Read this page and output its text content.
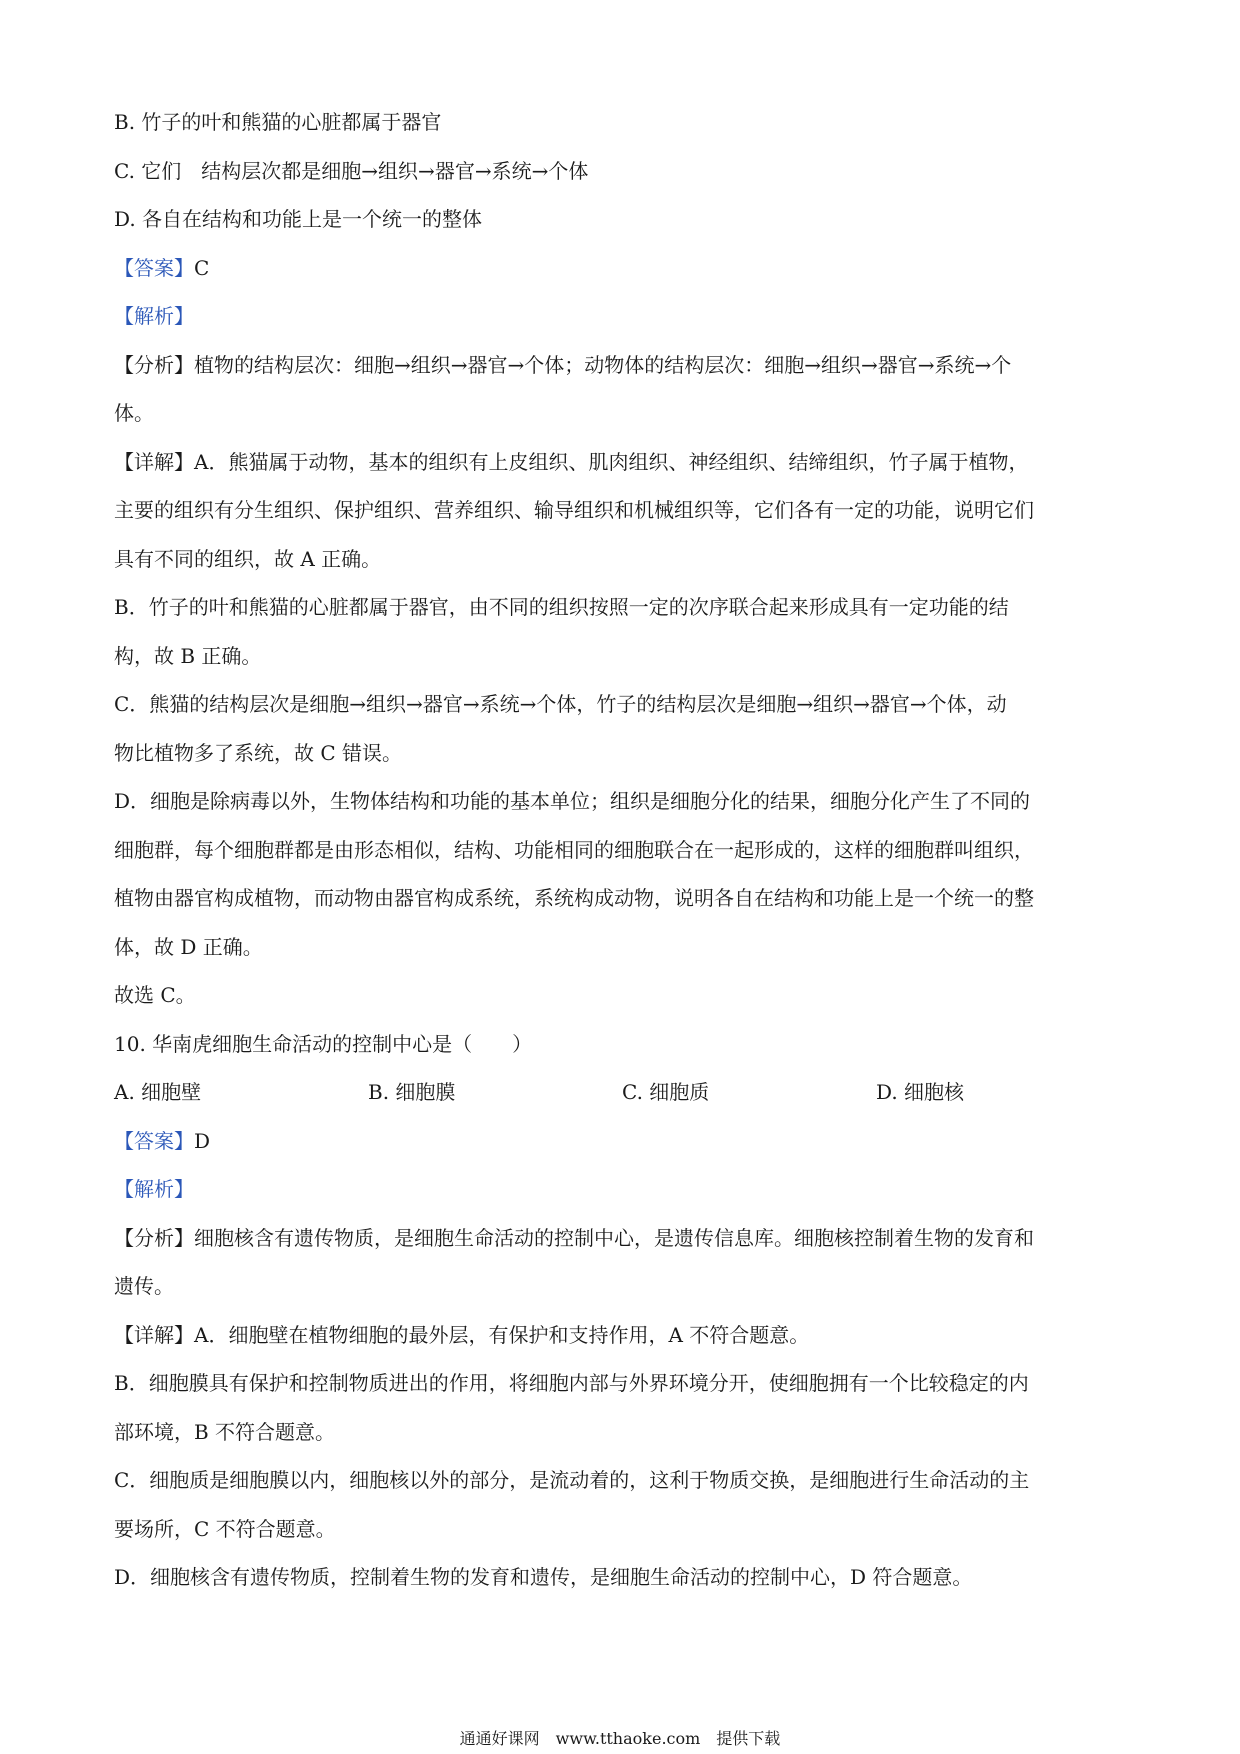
B. 竹子的叶和熊猫的心脏都属于器官

C. 它们　结构层次都是细胞→组织→器官→系统→个体

D. 各自在结构和功能上是一个统一的整体

【答案】C

【解析】

【分析】植物的结构层次：细胞→组织→器官→个体；动物体的结构层次：细胞→组织→器官→系统→个

体。

【详解】A．熊猫属于动物，基本的组织有上皮组织、肌肉组织、神经组织、结缔组织，竹子属于植物，

主要的组织有分生组织、保护组织、营养组织、输导组织和机械组织等，它们各有一定的功能，说明它们

具有不同的组织，故 A 正确。

B．竹子的叶和熊猫的心脏都属于器官，由不同的组织按照一定的次序联合起来形成具有一定功能的结

构，故 B 正确。

C．熊猫的结构层次是细胞→组织→器官→系统→个体，竹子的结构层次是细胞→组织→器官→个体，动

物比植物多了系统，故 C 错误。

D．细胞是除病毒以外，生物体结构和功能的基本单位；组织是细胞分化的结果，细胞分化产生了不同的

细胞群，每个细胞群都是由形态相似，结构、功能相同的细胞联合在一起形成的，这样的细胞群叫组织，

植物由器官构成植物，而动物由器官构成系统，系统构成动物，说明各自在结构和功能上是一个统一的整

体，故 D 正确。

故选 C。

10. 华南虎细胞生命活动的控制中心是（　　）

A. 细胞壁	B. 细胞膜	C. 细胞质	D. 细胞核

【答案】D

【解析】

【分析】细胞核含有遗传物质，是细胞生命活动的控制中心，是遗传信息库。细胞核控制着生物的发育和

遗传。

【详解】A．细胞壁在植物细胞的最外层，有保护和支持作用，A 不符合题意。

B．细胞膜具有保护和控制物质进出的作用，将细胞内部与外界环境分开，使细胞拥有一个比较稳定的内

部环境，B 不符合题意。

C．细胞质是细胞膜以内，细胞核以外的部分，是流动着的，这利于物质交换，是细胞进行生命活动的主

要场所，C 不符合题意。

D．细胞核含有遗传物质，控制着生物的发育和遗传，是细胞生命活动的控制中心，D 符合题意。

通通好课网　www.tthaoke.com　提供下载
